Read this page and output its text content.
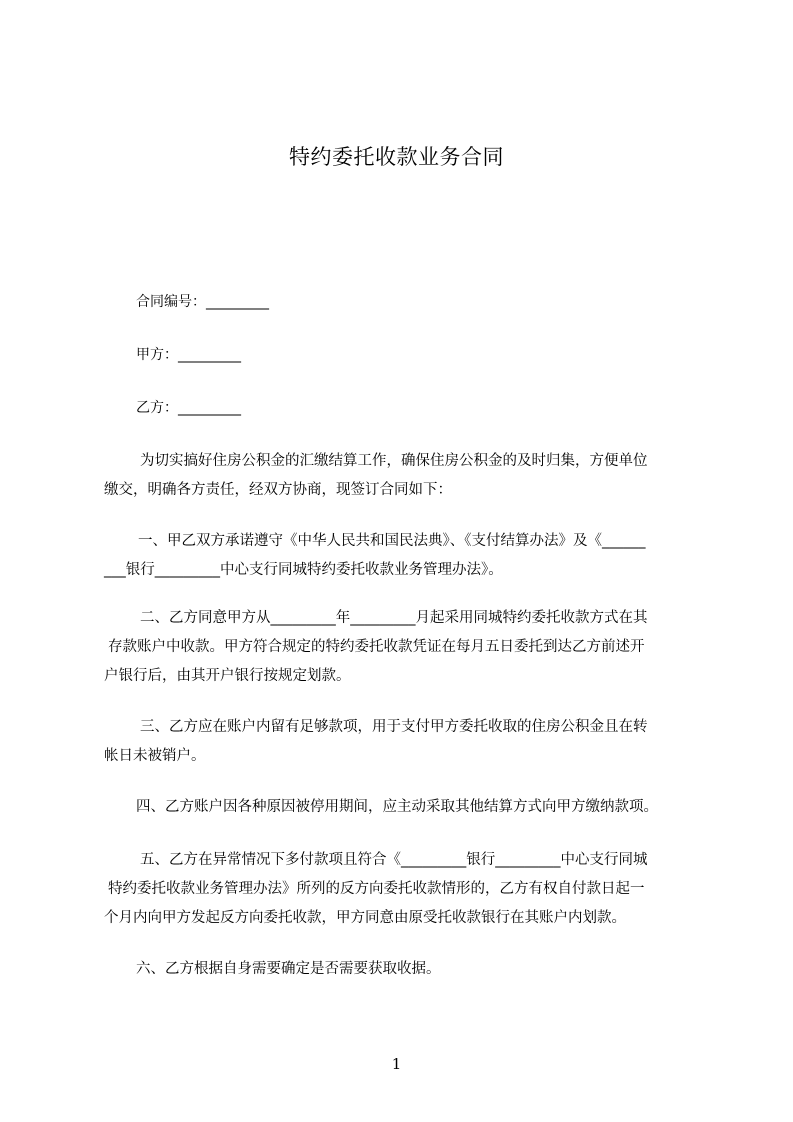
特约委托收款业务合同
合同编号：_________
甲方：_________
乙方：_________
为切实搞好住房公积金的汇缴结算工作，确保住房公积金的及时归集，方便单位
缴交，明确各方责任，经双方协商，现签订合同如下：
一、甲乙双方承诺遵守《中华人民共和国民法典》、《支付结算办法》及《______
___银行_________中心支行同城特约委托收款业务管理办法》。
二、乙方同意甲方从_________年_________月起采用同城特约委托收款方式在其
存款账户中收款。甲方符合规定的特约委托收款凭证在每月五日委托到达乙方前述开
户银行后，由其开户银行按规定划款。
三、乙方应在账户内留有足够款项，用于支付甲方委托收取的住房公积金且在转
帐日未被销户。
四、乙方账户因各种原因被停用期间，应主动采取其他结算方式向甲方缴纳款项。
五、乙方在异常情况下多付款项且符合《_________银行_________中心支行同城
特约委托收款业务管理办法》所列的反方向委托收款情形的，乙方有权自付款日起一
个月内向甲方发起反方向委托收款，甲方同意由原受托收款银行在其账户内划款。
六、乙方根据自身需要确定是否需要获取收据。
1
